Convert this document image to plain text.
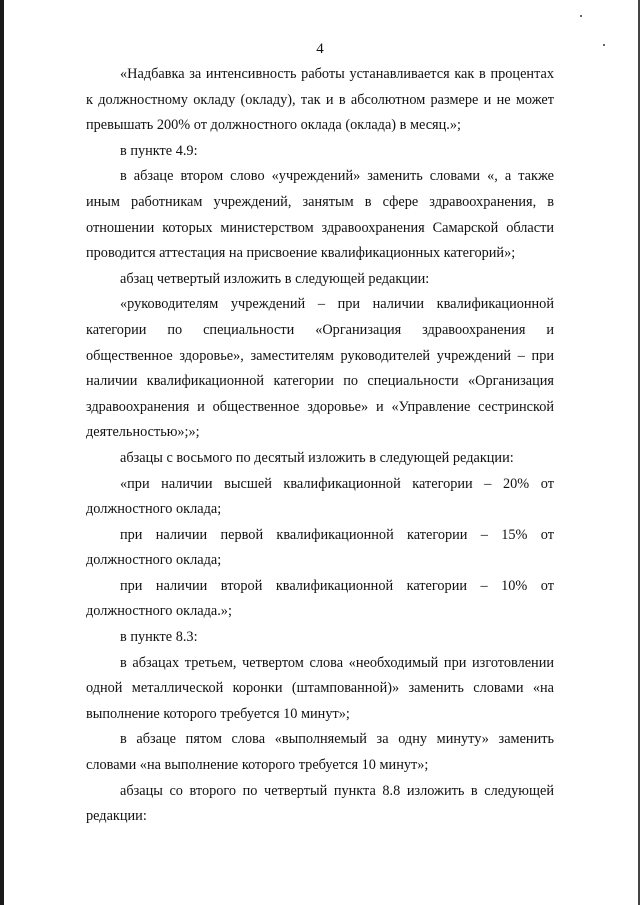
4

«Надбавка за интенсивность работы устанавливается как в процентах к должностному окладу (окладу), так и в абсолютном размере и не может превышать 200% от должностного оклада (оклада) в месяц.»;

в пункте 4.9:

в абзаце втором слово «учреждений» заменить словами «, а также иным работникам учреждений, занятым в сфере здравоохранения, в отношении которых министерством здравоохранения Самарской области проводится аттестация на присвоение квалификационных категорий»;

абзац четвертый изложить в следующей редакции:

«руководителям учреждений – при наличии квалификационной категории по специальности «Организация здравоохранения и общественное здоровье», заместителям руководителей учреждений – при наличии квалификационной категории по специальности «Организация здравоохранения и общественное здоровье» и «Управление сестринской деятельностью»;»;

абзацы с восьмого по десятый изложить в следующей редакции:

«при наличии высшей квалификационной категории – 20% от должностного оклада;

при наличии первой квалификационной категории – 15% от должностного оклада;

при наличии второй квалификационной категории – 10% от должностного оклада.»;

в пункте 8.3:

в абзацах третьем, четвертом слова «необходимый при изготовлении одной металлической коронки (штампованной)» заменить словами «на выполнение которого требуется 10 минут»;

в абзаце пятом слова «выполняемый за одну минуту» заменить словами «на выполнение которого требуется 10 минут»;

абзацы со второго по четвертый пункта 8.8 изложить в следующей редакции:
